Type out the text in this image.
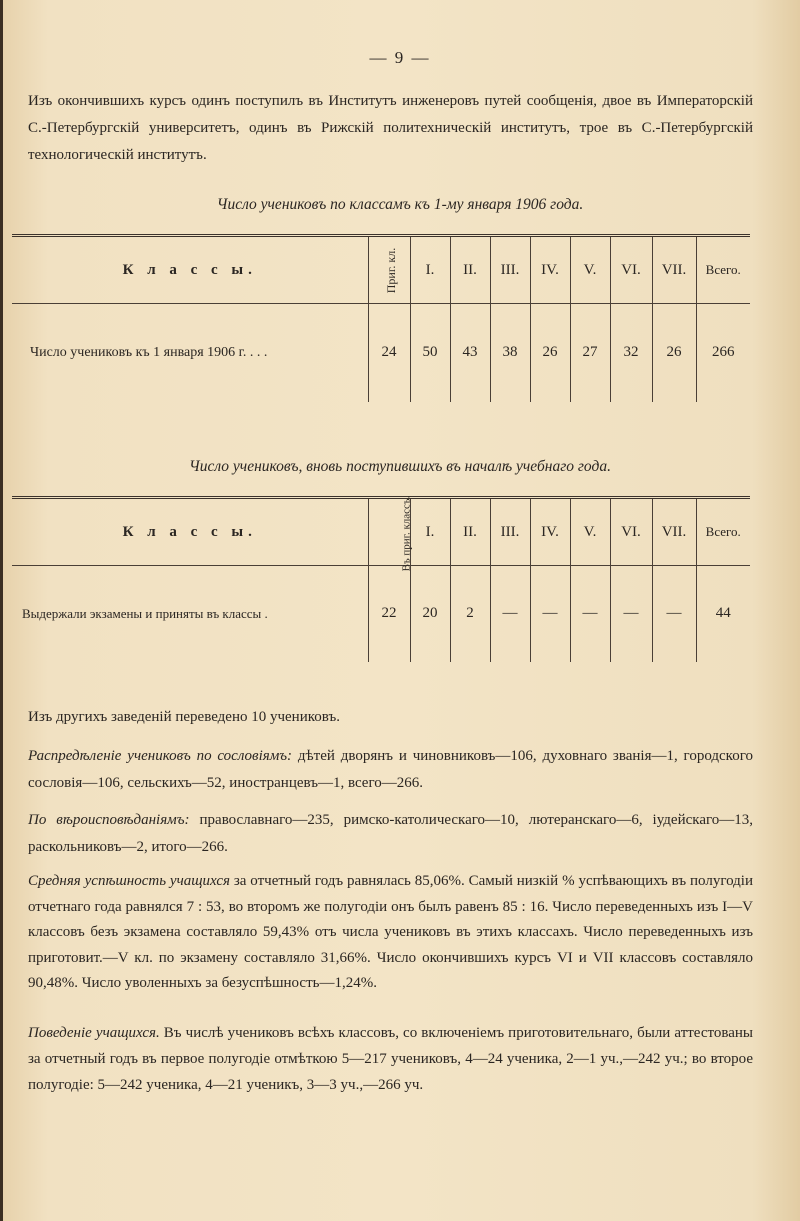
— 9 —
Изъ окончившихъ курсъ одинъ поступилъ въ Институтъ инженеровъ путей сообщенія, двое въ Императорскій С.-Петербургскій университетъ, одинъ въ Рижскій политехническій институтъ, трое въ С.-Петербургскій технологическій институтъ.
Число учениковъ по классамъ къ 1-му января 1906 года.
К л а с с ы.	Приг. кл.	I.	II.	III.	IV.	V.	VI.	VII.	Всего.
Число учениковъ къ 1 января 1906 г. . . .	24	50	43	38	26	27	32	26	266
Число учениковъ, вновь поступившихъ въ началѣ учебнаго года.
К л а с с ы.	Въ приг. классъ.	I.	II.	III.	IV.	V.	VI.	VII.	Всего.
Выдержали экзамены и приняты въ классы .	22	20	2	—	—	—	—	—	44
Изъ другихъ заведеній переведено 10 учениковъ.
Распредѣленіе учениковъ по сословіямъ: дѣтей дворянъ и чиновниковъ—106, духовнаго званія—1, городского сословія—106, сельскихъ—52, иностранцевъ—1, всего—266.
По вѣроисповѣданіямъ: православнаго—235, римско-католическаго—10, лютеранскаго—6, іудейскаго—13, раскольниковъ—2, итого—266.
Средняя успѣшность учащихся за отчетный годъ равнялась 85,06%. Самый низкій % успѣвающихъ въ полугодіи отчетнаго года равнялся 7 : 53, во второмъ же полугодіи онъ былъ равенъ 85 : 16. Число переведенныхъ изъ I—V классовъ безъ экзамена составляло 59,43% отъ числа учениковъ въ этихъ классахъ. Число переведенныхъ изъ приготовит.—V кл. по экзамену составляло 31,66%. Число окончившихъ курсъ VI и VII классовъ составляло 90,48%. Число уволенныхъ за безуспѣшность—1,24%.
Поведеніе учащихся. Въ числѣ учениковъ всѣхъ классовъ, со включеніемъ приготовительнаго, были аттестованы за отчетный годъ въ первое полугодіе отмѣткою 5—217 учениковъ, 4—24 ученика, 2—1 уч.,—242 уч.; во второе полугодіе: 5—242 ученика, 4—21 ученикъ, 3—3 уч.,—266 уч.
